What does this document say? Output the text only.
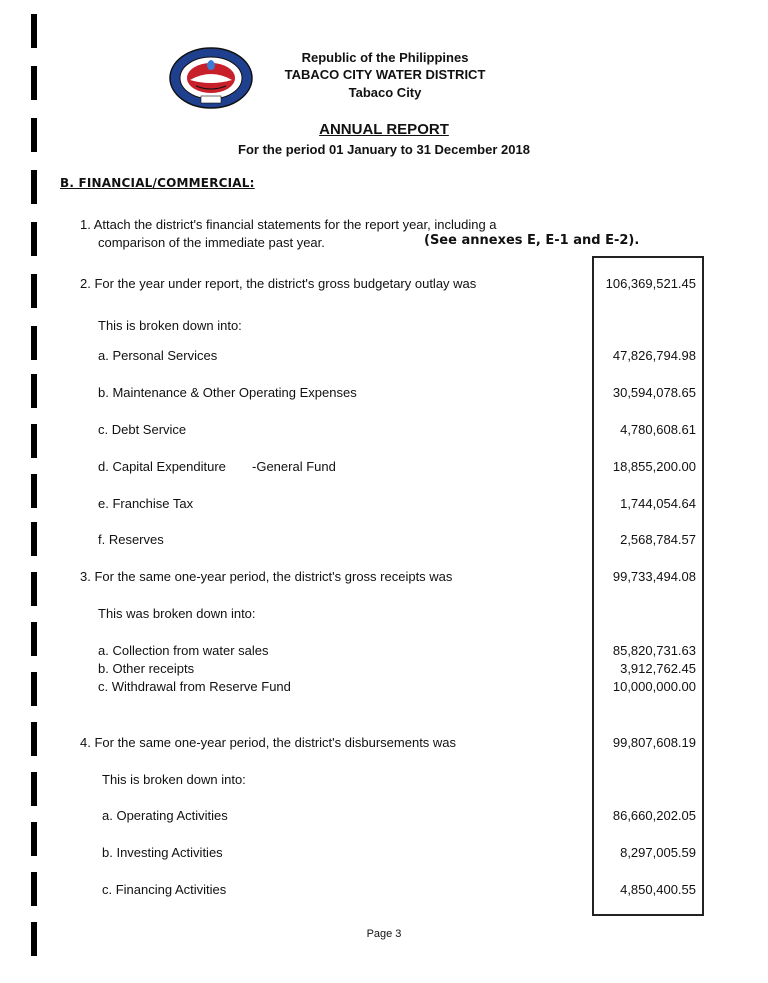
Republic of the Philippines
TABACO CITY WATER DISTRICT
Tabaco City
ANNUAL REPORT
For the period 01 January to 31 December 2018
B. FINANCIAL/COMMERCIAL:
1. Attach the district's financial statements for the report year, including a
comparison of the immediate past year.	(See annexes E, E-1 and E-2).
2. For the year under report, the district's gross budgetary outlay was	106,369,521.45
This is broken down into:
a. Personal Services	47,826,794.98
b. Maintenance & Other Operating Expenses	30,594,078.65
c. Debt Service	4,780,608.61
d. Capital Expenditure -General Fund	18,855,200.00
e. Franchise Tax	1,744,054.64
f. Reserves	2,568,784.57
3. For the same one-year period, the district's gross receipts was	99,733,494.08
This was broken down into:
a. Collection from water sales	85,820,731.63
b. Other receipts	3,912,762.45
c. Withdrawal from Reserve Fund	10,000,000.00
4. For the same one-year period, the district's disbursements was	99,807,608.19
This is broken down into:
a. Operating Activities	86,660,202.05
b. Investing Activities	8,297,005.59
c. Financing Activities	4,850,400.55
Page 3
